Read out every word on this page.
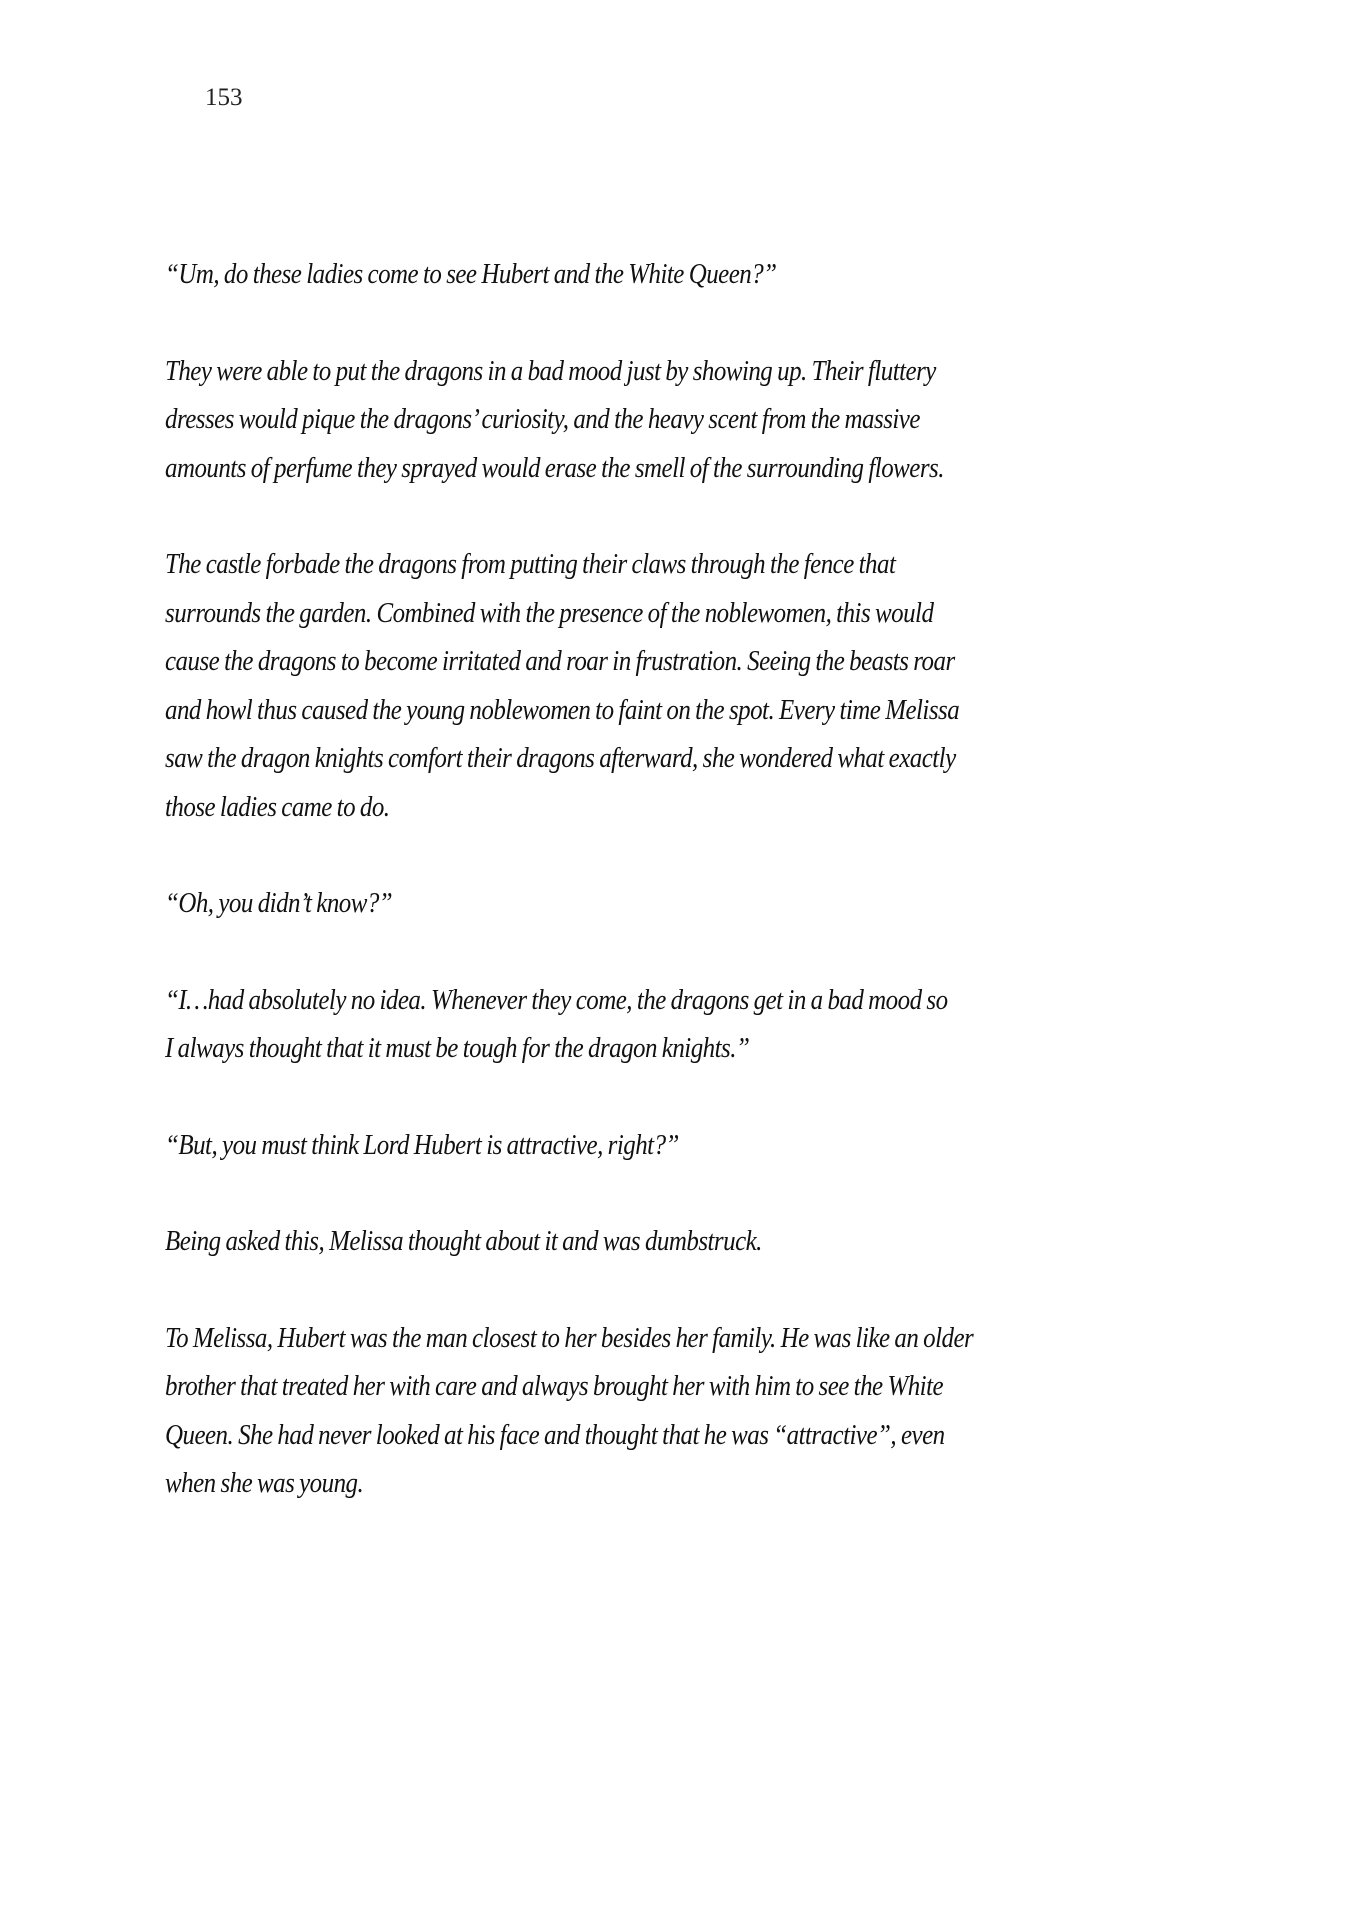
153

“Um, do these ladies come to see Hubert and the White Queen?”

They were able to put the dragons in a bad mood just by showing up. Their fluttery
dresses would pique the dragons’ curiosity, and the heavy scent from the massive
amounts of perfume they sprayed would erase the smell of the surrounding flowers.

The castle forbade the dragons from putting their claws through the fence that
surrounds the garden. Combined with the presence of the noblewomen, this would
cause the dragons to become irritated and roar in frustration. Seeing the beasts roar
and howl thus caused the young noblewomen to faint on the spot. Every time Melissa
saw the dragon knights comfort their dragons afterward, she wondered what exactly
those ladies came to do.

“Oh, you didn’t know?”

“I…had absolutely no idea. Whenever they come, the dragons get in a bad mood so
I always thought that it must be tough for the dragon knights.”

“But, you must think Lord Hubert is attractive, right?”

Being asked this, Melissa thought about it and was dumbstruck.

To Melissa, Hubert was the man closest to her besides her family. He was like an older
brother that treated her with care and always brought her with him to see the White
Queen. She had never looked at his face and thought that he was “attractive”, even
when she was young.
